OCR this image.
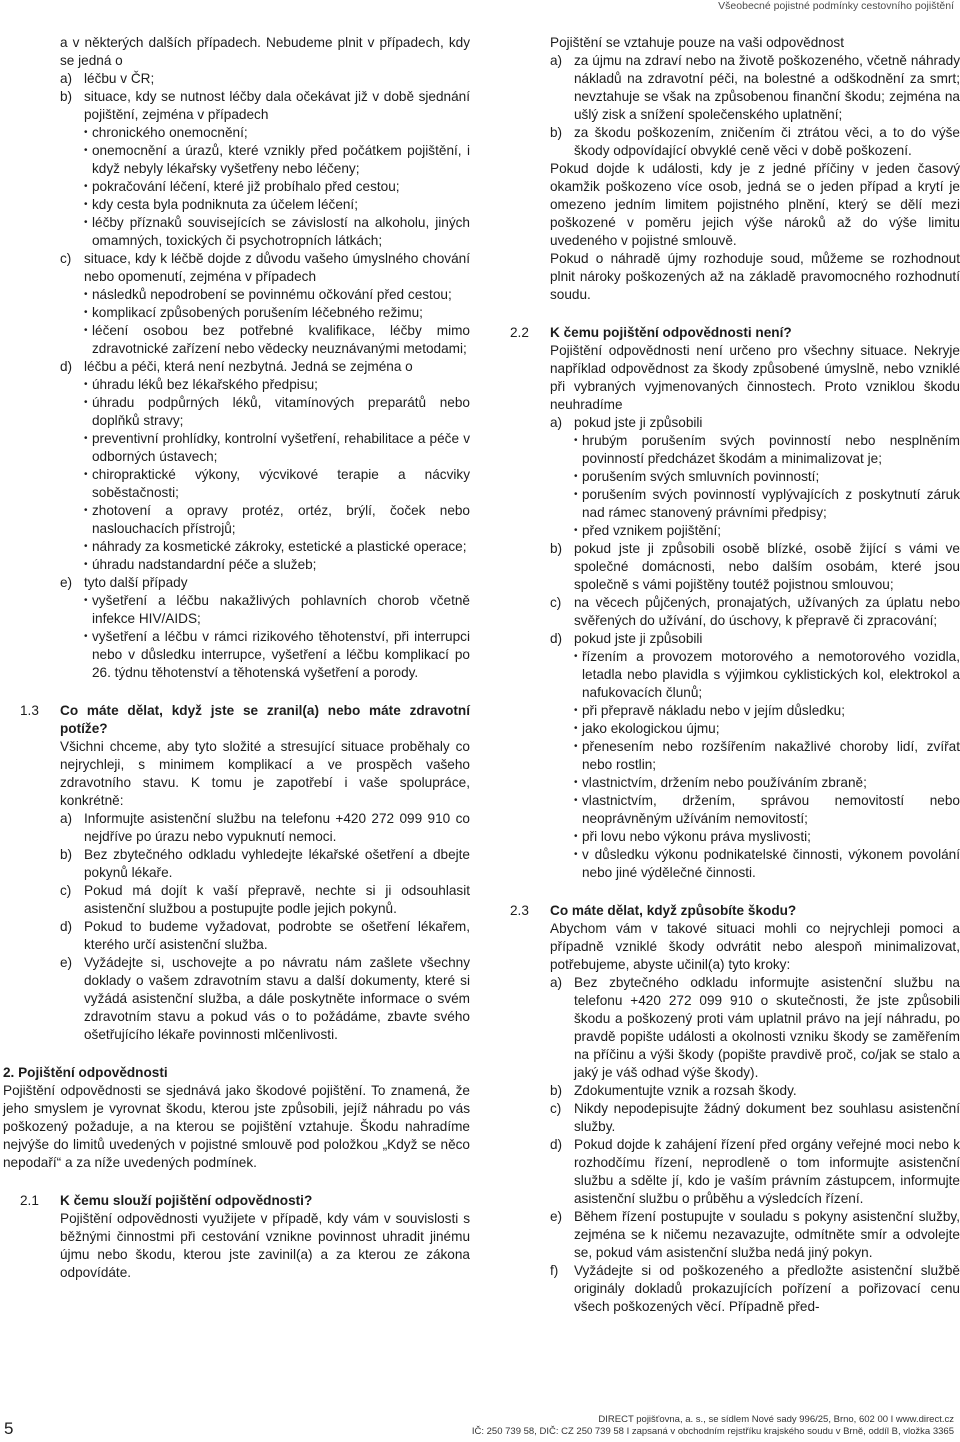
Všeobecné pojistné podmínky cestovního pojištění

a v některých dalších případech. Nebudeme plnit v případech, kdy se jedná o

a) léčbu v ČR;

b) situace, kdy se nutnost léčby dala očekávat již v době sjednání pojištění, zejména v případech

• chronického onemocnění;

• onemocnění a úrazů, které vznikly před počátkem pojištění, i když nebyly lékařsky vyšetřeny nebo léčeny;

• pokračování léčení, které již probíhalo před cestou;

• kdy cesta byla podniknuta za účelem léčení;

• léčby příznaků souvisejících se závislostí na alkoholu, jiných omamných, toxických či psychotropních látkách;

c) situace, kdy k léčbě dojde z důvodu vašeho úmyslného chování nebo opomenutí, zejména v případech

• následků nepodrobení se povinnému očkování před cestou;

• komplikací způsobených porušením léčebného režimu;

• léčení osobou bez potřebné kvalifikace, léčby mimo zdravotnické zařízení nebo vědecky neuznávanými metodami;

d) léčbu a péči, která není nezbytná. Jedná se zejména o

• úhradu léků bez lékařského předpisu;

• úhradu podpůrných léků, vitamínových preparátů nebo doplňků stravy;

• preventivní prohlídky, kontrolní vyšetření, rehabilitace a péče v odborných ústavech;

• chiropraktické výkony, výcvikové terapie a nácviky soběstačnosti;

• zhotovení a opravy protéz, ortéz, brýlí, čoček nebo naslouchacích přístrojů;

• náhrady za kosmetické zákroky, estetické a plastické operace;

• úhradu nadstandardní péče a služeb;

e) tyto další případy

• vyšetření a léčbu nakažlivých pohlavních chorob včetně infekce HIV/AIDS;

• vyšetření a léčbu v rámci rizikového těhotenství, při interrupci nebo v důsledku interrupce, vyšetření a léčbu komplikací po 26. týdnu těhotenství a těhotenská vyšetření a porody.

1.3 Co máte dělat, když jste se zranil(a) nebo máte zdravotní potíže?

Všichni chceme, aby tyto složité a stresující situace proběhaly co nejrychleji, s minimem komplikací a ve prospěch vašeho zdravotního stavu. K tomu je zapotřebí i vaše spolupráce, konkrétně:

a) Informujte asistenční službu na telefonu +420 272 099 910 co nejdříve po úrazu nebo vypuknutí nemoci.

b) Bez zbytečného odkladu vyhledejte lékařské ošetření a dbejte pokynů lékaře.

c) Pokud má dojít k vaší přepravě, nechte si ji odsouhlasit asistenční službou a postupujte podle jejich pokynů.

d) Pokud to budeme vyžadovat, podrobte se ošetření lékařem, kterého určí asistenční služba.

e) Vyžádejte si, uschovejte a po návratu nám zašlete všechny doklady o vašem zdravotním stavu a další dokumenty, které si vyžádá asistenční služba, a dále poskytněte informace o svém zdravotním stavu a pokud vás o to požádáme, zbavte svého ošetřujícího lékaře povinnosti mlčenlivosti.

2. Pojištění odpovědnosti

Pojištění odpovědnosti se sjednává jako škodové pojištění. To znamená, že jeho smyslem je vyrovnat škodu, kterou jste způsobili, jejíž náhradu po vás poškozený požaduje, a na kterou se pojištění vztahuje. Škodu nahradíme nejvýše do limitů uvedených v pojistné smlouvě pod položkou „Když se něco nepodaří“ a za níže uvedených podmínek.

2.1 K čemu slouží pojištění odpovědnosti?

Pojištění odpovědnosti využijete v případě, kdy vám v souvislosti s běžnými činnostmi při cestování vznikne povinnost uhradit jinému újmu nebo škodu, kterou jste zavinil(a) a za kterou ze zákona odpovídáte.

Pojištění se vztahuje pouze na vaši odpovědnost

a) za újmu na zdraví nebo na životě poškozeného, včetně náhrady nákladů na zdravotní péči, na bolestné a odškodnění za smrt; nevztahuje se však na způsobenou finanční škodu; zejména na ušlý zisk a snížení společenského uplatnění;

b) za škodu poškozením, zničením či ztrátou věci, a to do výše škody odpovídající obvyklé ceně věci v době poškození.

Pokud dojde k události, kdy je z jedné příčiny v jeden časový okamžik poškozeno více osob, jedná se o jeden případ a krytí je omezeno jedním limitem pojistného plnění, který se dělí mezi poškozené v poměru jejich výše nároků až do výše limitu uvedeného v pojistné smlouvě.

Pokud o náhradě újmy rozhoduje soud, můžeme se rozhodnout plnit nároky poškozených až na základě pravomocného rozhodnutí soudu.

2.2 K čemu pojištění odpovědnosti není?

Pojištění odpovědnosti není určeno pro všechny situace. Nekryje například odpovědnost za škody způsobené úmyslně, nebo vzniklé při vybraných vyjmenovaných činnostech. Proto vzniklou škodu neuhradíme

a) pokud jste ji způsobili

• hrubým porušením svých povinností nebo nesplněním povinností předcházet škodám a minimalizovat je;

• porušením svých smluvních povinností;

• porušením svých povinností vyplývajících z poskytnutí záruk nad rámec stanovený právními předpisy;

• před vznikem pojištění;

b) pokud jste ji způsobili osobě blízké, osobě žijící s vámi ve společné domácnosti, nebo dalším osobám, které jsou společně s vámi pojištěny toutéž pojistnou smlouvou;

c) na věcech půjčených, pronajatých, užívaných za úplatu nebo svěřených do užívání, do úschovy, k přepravě či zpracování;

d) pokud jste ji způsobili

• řízením a provozem motorového a nemotorového vozidla, letadla nebo plavidla s výjimkou cyklistických kol, elektrokol a nafukovacích člunů;

• při přepravě nákladu nebo v jejím důsledku;

• jako ekologickou újmu;

• přenesením nebo rozšířením nakažlivé choroby lidí, zvířat nebo rostlin;

• vlastnictvím, držením nebo používáním zbraně;

• vlastnictvím, držením, správou nemovitostí nebo neoprávněným užíváním nemovitostí;

• při lovu nebo výkonu práva myslivosti;

• v důsledku výkonu podnikatelské činnosti, výkonem povolání nebo jiné výdělečné činnosti.

2.3 Co máte dělat, když způsobíte škodu?

Abychom vám v takové situaci mohli co nejrychleji pomoci a případně vzniklé škody odvrátit nebo alespoň minimalizovat, potřebujeme, abyste učinil(a) tyto kroky:

a) Bez zbytečného odkladu informujte asistenční službu na telefonu +420 272 099 910 o skutečnosti, že jste způsobili škodu a poškozený proti vám uplatnil právo na její náhradu, po pravdě popište události a okolnosti vzniku škody se zaměřením na příčinu a výši škody (popište pravdivě proč, co/jak se stalo a jaký je váš odhad výše škody).

b) Zdokumentujte vznik a rozsah škody.

c) Nikdy nepodepisujte žádný dokument bez souhlasu asistenční služby.

d) Pokud dojde k zahájení řízení před orgány veřejné moci nebo k rozhodčímu řízení, neprodleně o tom informujte asistenční službu a sdělte jí, kdo je vaším právním zástupcem, informujte asistenční službu o průběhu a výsledcích řízení.

e) Během řízení postupujte v souladu s pokyny asistenční služby, zejména se k ničemu nezavazujte, odmítněte smír a odvolejte se, pokud vám asistenční služba nedá jiný pokyn.

f) Vyžádejte si od poškozeného a předložte asistenční službě originály dokladů prokazujících pořízení a pořizovací cenu všech poškozených věcí. Případně před-

5	DIRECT pojišťovna, a. s., se sídlem Nové sady 996/25, Brno, 602 00 I www.direct.cz
IČ: 250 739 58, DIČ: CZ 250 739 58 I zapsaná v obchodním rejstříku krajského soudu v Brně, oddíl B, vložka 3365
